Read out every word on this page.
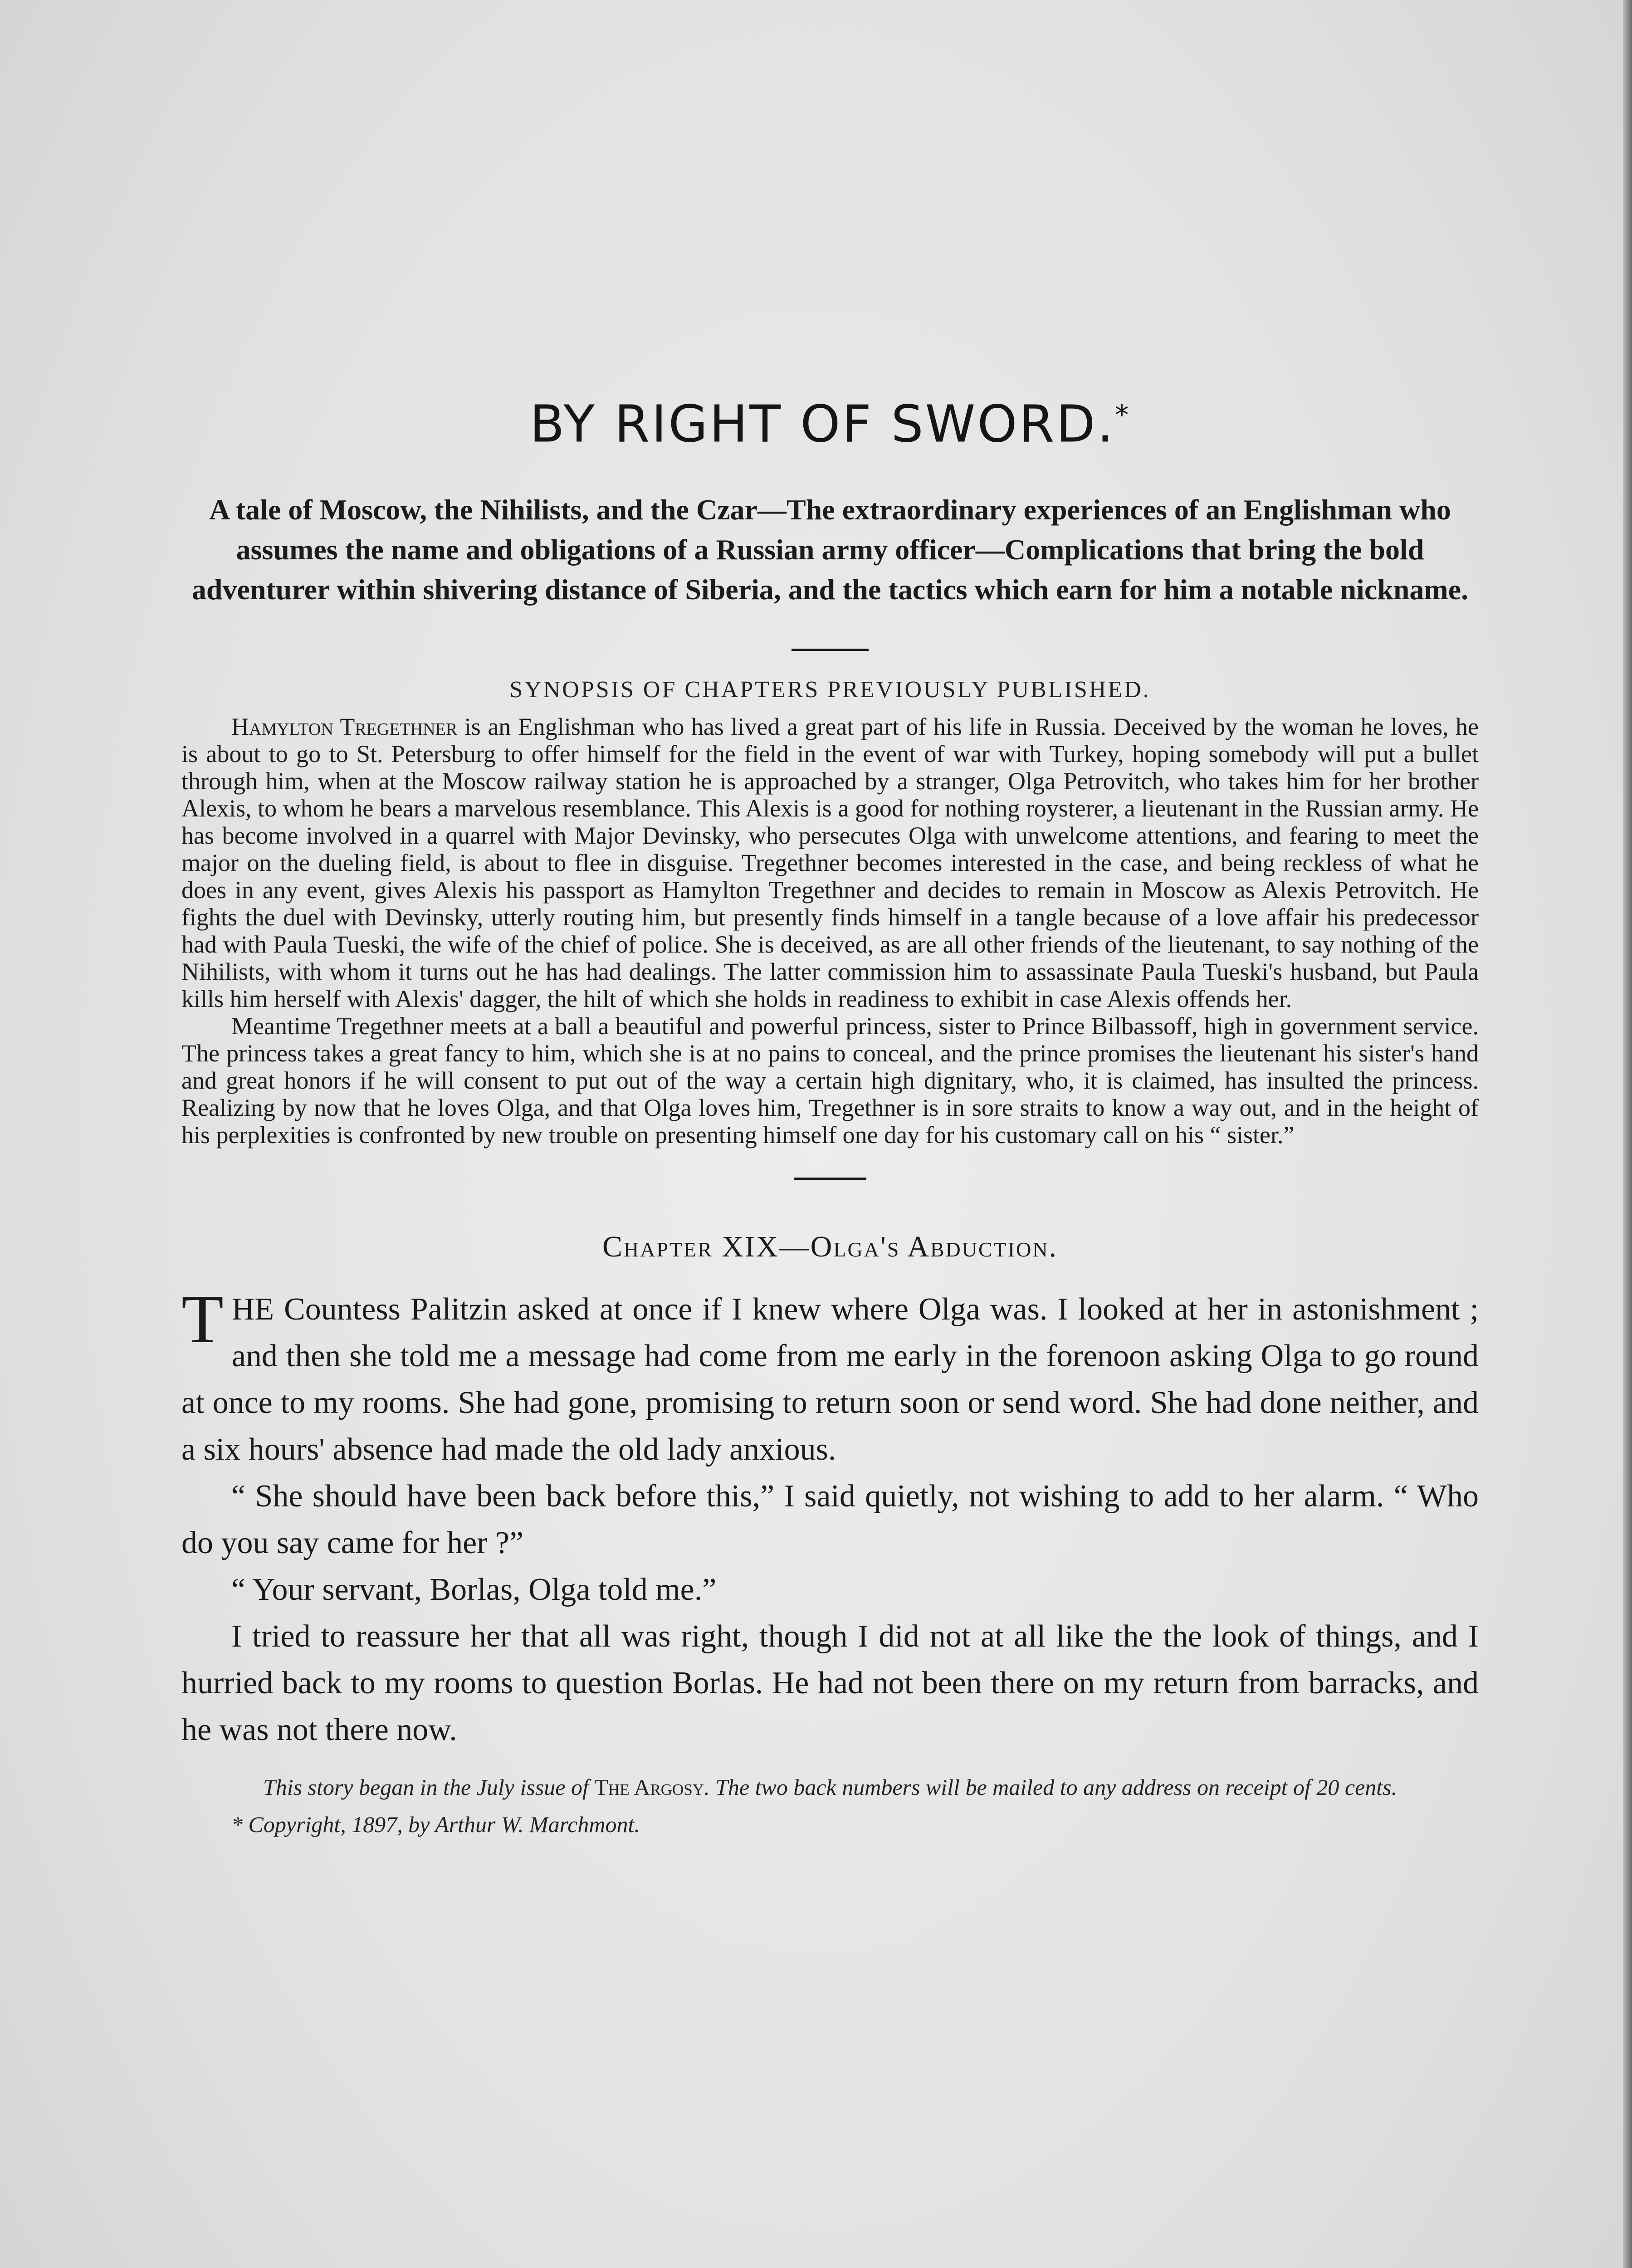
BY RIGHT OF SWORD.*

A tale of Moscow, the Nihilists, and the Czar—The extraordinary experiences of an Englishman who assumes the name and obligations of a Russian army officer—Complications that bring the bold adventurer within shivering distance of Siberia, and the tactics which earn for him a notable nickname.

SYNOPSIS OF CHAPTERS PREVIOUSLY PUBLISHED.

Hamylton Tregethner is an Englishman who has lived a great part of his life in Russia. Deceived by the woman he loves, he is about to go to St. Petersburg to offer himself for the field in the event of war with Turkey, hoping somebody will put a bullet through him, when at the Moscow railway station he is approached by a stranger, Olga Petrovitch, who takes him for her brother Alexis, to whom he bears a marvelous resemblance. This Alexis is a good for nothing roysterer, a lieutenant in the Russian army. He has become involved in a quarrel with Major Devinsky, who persecutes Olga with unwelcome attentions, and fearing to meet the major on the dueling field, is about to flee in disguise. Tregethner becomes interested in the case, and being reckless of what he does in any event, gives Alexis his passport as Hamylton Tregethner and decides to remain in Moscow as Alexis Petrovitch. He fights the duel with Devinsky, utterly routing him, but presently finds himself in a tangle because of a love affair his predecessor had with Paula Tueski, the wife of the chief of police. She is deceived, as are all other friends of the lieutenant, to say nothing of the Nihilists, with whom it turns out he has had dealings. The latter commission him to assassinate Paula Tueski's husband, but Paula kills him herself with Alexis' dagger, the hilt of which she holds in readiness to exhibit in case Alexis offends her.

Meantime Tregethner meets at a ball a beautiful and powerful princess, sister to Prince Bilbassoff, high in government service. The princess takes a great fancy to him, which she is at no pains to conceal, and the prince promises the lieutenant his sister's hand and great honors if he will consent to put out of the way a certain high dignitary, who, it is claimed, has insulted the princess. Realizing by now that he loves Olga, and that Olga loves him, Tregethner is in sore straits to know a way out, and in the height of his perplexities is confronted by new trouble on presenting himself one day for his customary call on his “ sister.”

Chapter XIX—Olga's Abduction.

THE Countess Palitzin asked at once if I knew where Olga was. I looked at her in astonishment ; and then she told me a message had come from me early in the forenoon asking Olga to go round at once to my rooms. She had gone, promising to return soon or send word. She had done neither, and a six hours' absence had made the old lady anxious.

“ She should have been back before this,” I said quietly, not wishing to add to her alarm. “ Who do you say came for her ?”

“ Your servant, Borlas, Olga told me.”

I tried to reassure her that all was right, though I did not at all like the the look of things, and I hurried back to my rooms to question Borlas. He had not been there on my return from barracks, and he was not there now.

This story began in the July issue of The Argosy. The two back numbers will be mailed to any address on receipt of 20 cents.
* Copyright, 1897, by Arthur W. Marchmont.
